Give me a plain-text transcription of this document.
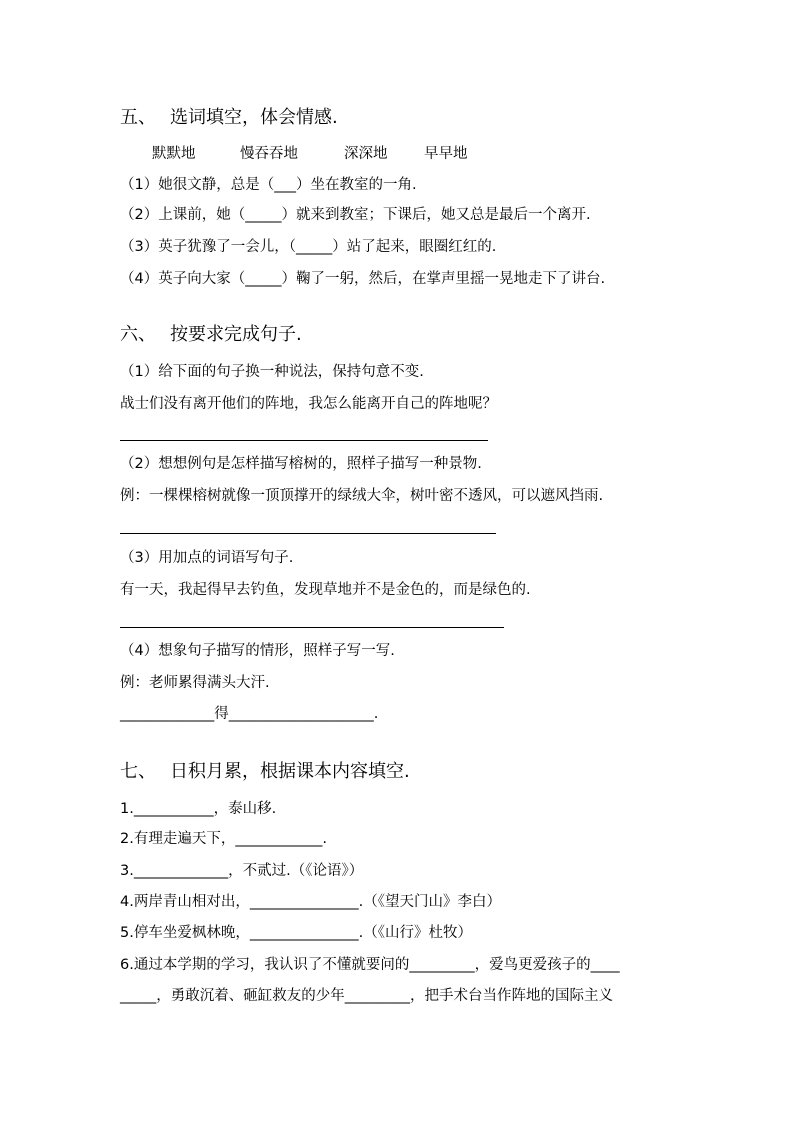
五、 选词填空，体会情感.
默默地	慢吞吞地	深深地	早早地
（1）她很文静，总是（___）坐在教室的一角.
（2）上课前，她（_____）就来到教室；下课后，她又总是最后一个离开.
（3）英子犹豫了一会儿，（_____）站了起来，眼圈红红的.
（4）英子向大家（_____）鞠了一躬，然后，在掌声里摇一晃地走下了讲台.
六、 按要求完成句子.
（1）给下面的句子换一种说法，保持句意不变.
战士们没有离开他们的阵地，我怎么能离开自己的阵地呢？
（2）想想例句是怎样描写榕树的，照样子描写一种景物.
例：一棵棵榕树就像一顶顶撑开的绿绒大伞，树叶密不透风，可以遮风挡雨.
（3）用加点的词语写句子.
有一天，我起得早去钓鱼，发现草地并不是金色的，而是绿色的.
（4）想象句子描写的情形，照样子写一写.
例：老师累得满头大汗.
_____________得____________________.
七、 日积月累，根据课本内容填空.
1.___________，泰山移.
2.有理走遍天下，____________.
3._____________，不贰过.（《论语》）
4.两岸青山相对出，_______________.（《望天门山》李白）
5.停车坐爱枫林晚，_______________.（《山行》杜牧）
6.通过本学期的学习，我认识了不懂就要问的_________，爱鸟更爱孩子的____
_____，勇敢沉着、砸缸救友的少年_________，把手术台当作阵地的国际主义
